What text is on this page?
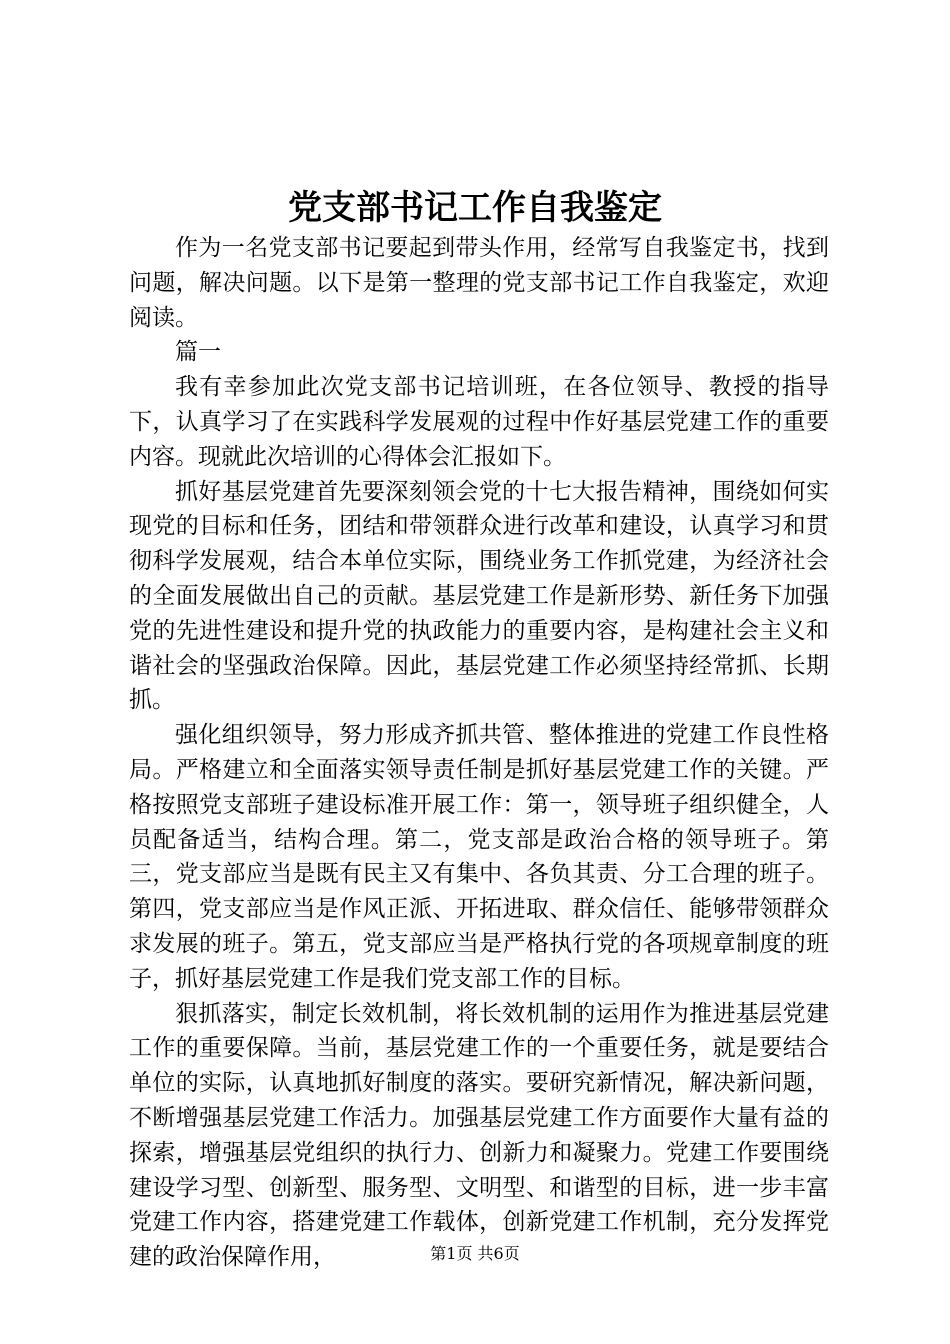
党支部书记工作自我鉴定

作为一名党支部书记要起到带头作用，经常写自我鉴定书，找到问题，解决问题。以下是第一整理的党支部书记工作自我鉴定，欢迎阅读。

篇一

我有幸参加此次党支部书记培训班，在各位领导、教授的指导下，认真学习了在实践科学发展观的过程中作好基层党建工作的重要内容。现就此次培训的心得体会汇报如下。

抓好基层党建首先要深刻领会党的十七大报告精神，围绕如何实现党的目标和任务，团结和带领群众进行改革和建设，认真学习和贯彻科学发展观，结合本单位实际，围绕业务工作抓党建，为经济社会的全面发展做出自己的贡献。基层党建工作是新形势、新任务下加强党的先进性建设和提升党的执政能力的重要内容，是构建社会主义和谐社会的坚强政治保障。因此，基层党建工作必须坚持经常抓、长期抓。

强化组织领导，努力形成齐抓共管、整体推进的党建工作良性格局。严格建立和全面落实领导责任制是抓好基层党建工作的关键。严格按照党支部班子建设标准开展工作：第一，领导班子组织健全，人员配备适当，结构合理。第二，党支部是政治合格的领导班子。第三，党支部应当是既有民主又有集中、各负其责、分工合理的班子。第四，党支部应当是作风正派、开拓进取、群众信任、能够带领群众求发展的班子。第五，党支部应当是严格执行党的各项规章制度的班子，抓好基层党建工作是我们党支部工作的目标。

狠抓落实，制定长效机制，将长效机制的运用作为推进基层党建工作的重要保障。当前，基层党建工作的一个重要任务，就是要结合单位的实际，认真地抓好制度的落实。要研究新情况，解决新问题，不断增强基层党建工作活力。加强基层党建工作方面要作大量有益的探索，增强基层党组织的执行力、创新力和凝聚力。党建工作要围绕建设学习型、创新型、服务型、文明型、和谐型的目标，进一步丰富党建工作内容，搭建党建工作载体，创新党建工作机制，充分发挥党建的政治保障作用，	第1页 共6页
